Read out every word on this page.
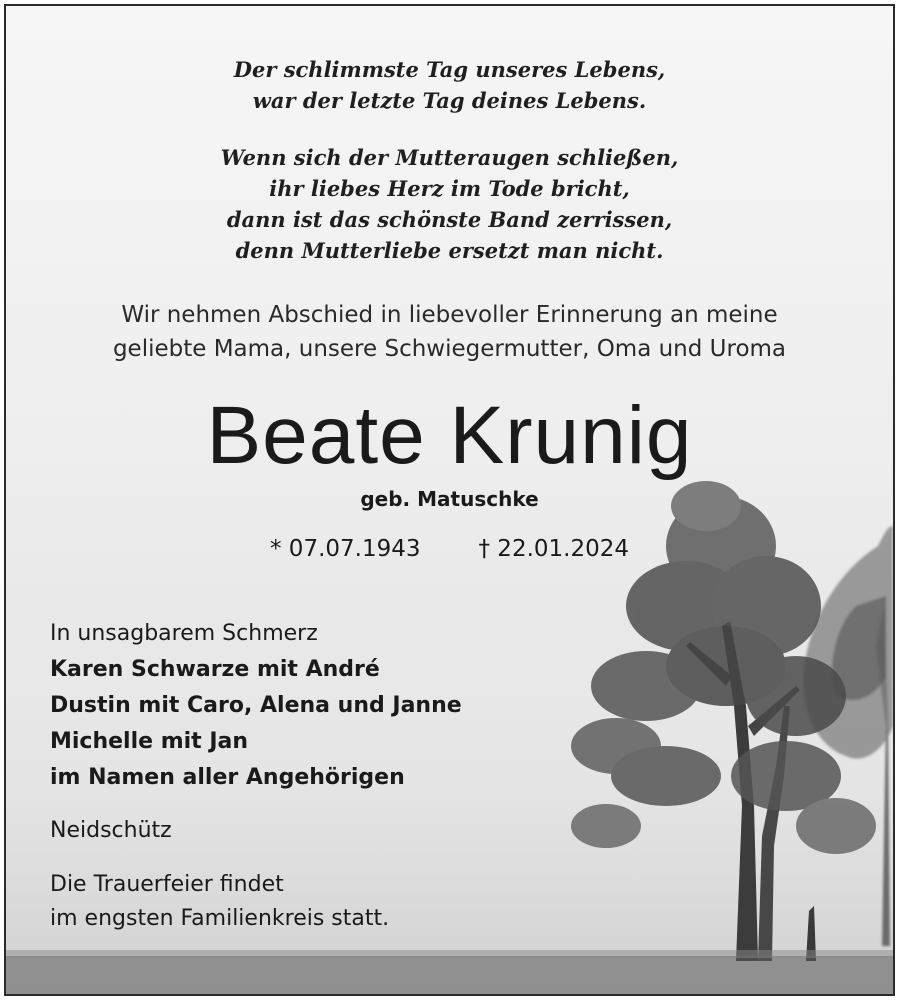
Der schlimmste Tag unseres Lebens,
war der letzte Tag deines Lebens.
Wenn sich der Mutteraugen schließen,
ihr liebes Herz im Tode bricht,
dann ist das schönste Band zerrissen,
denn Mutterliebe ersetzt man nicht.
Wir nehmen Abschied in liebevoller Erinnerung an meine
geliebte Mama, unsere Schwiegermutter, Oma und Uroma
Beate Krunig
geb. Matuschke
* 07.07.1943	† 22.01.2024
In unsagbarem Schmerz
Karen Schwarze mit André
Dustin mit Caro, Alena und Janne
Michelle mit Jan
im Namen aller Angehörigen
Neidschütz
Die Trauerfeier findet
im engsten Familienkreis statt.
